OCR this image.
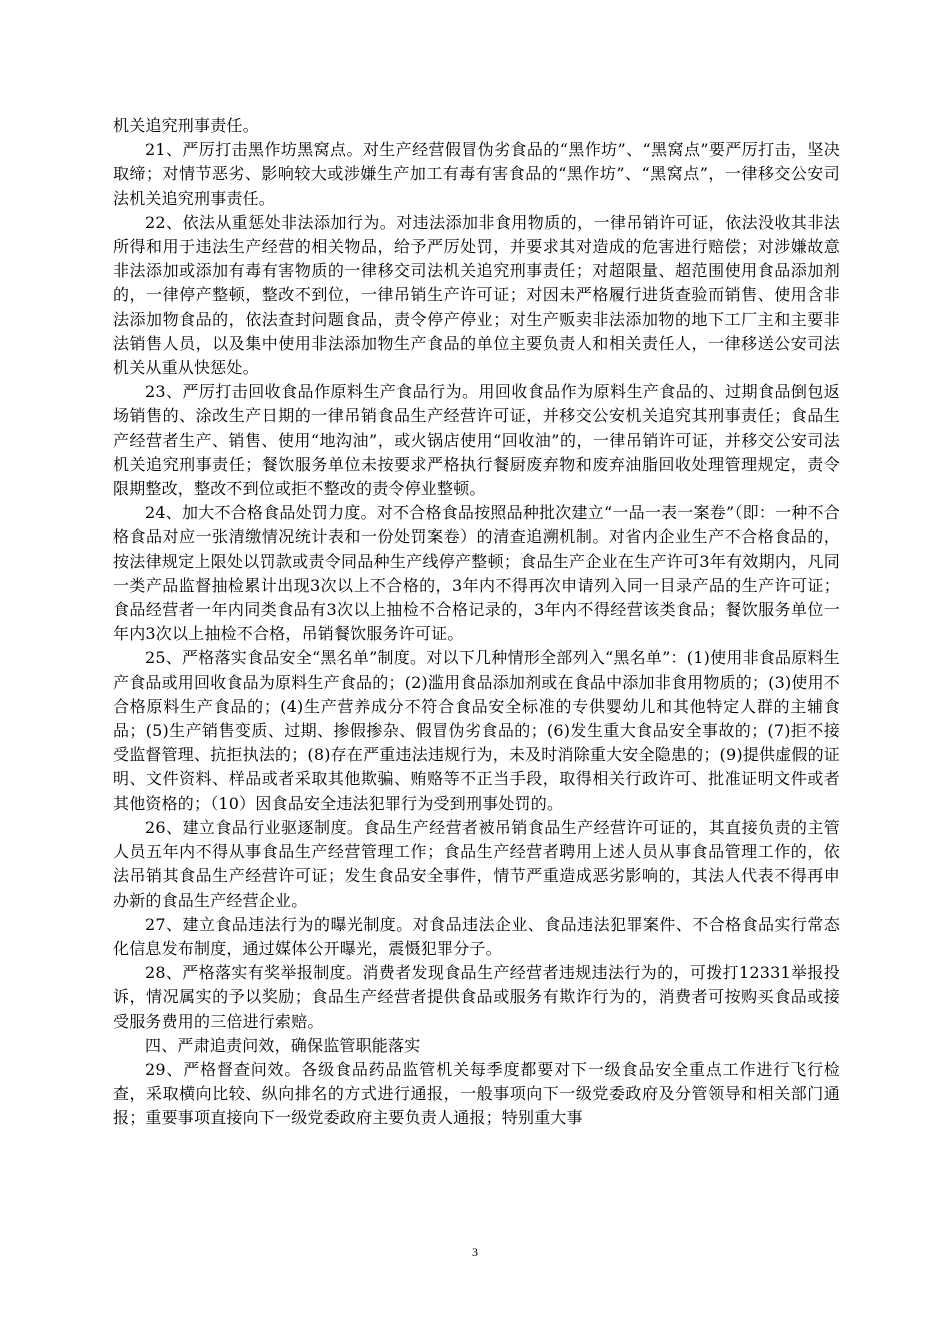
机关追究刑事责任。

21、严厉打击黑作坊黑窝点。对生产经营假冒伪劣食品的“黑作坊”、“黑窝点”要严厉打击，坚决取缔；对情节恶劣、影响较大或涉嫌生产加工有毒有害食品的“黑作坊”、“黑窝点”，一律移交公安司法机关追究刑事责任。

22、依法从重惩处非法添加行为。对违法添加非食用物质的，一律吊销许可证，依法没收其非法所得和用于违法生产经营的相关物品，给予严厉处罚，并要求其对造成的危害进行赔偿；对涉嫌故意非法添加或添加有毒有害物质的一律移交司法机关追究刑事责任；对超限量、超范围使用食品添加剂的，一律停产整顿，整改不到位，一律吊销生产许可证；对因未严格履行进货查验而销售、使用含非法添加物食品的，依法查封问题食品，责令停产停业；对生产贩卖非法添加物的地下工厂主和主要非法销售人员，以及集中使用非法添加物生产食品的单位主要负责人和相关责任人，一律移送公安司法机关从重从快惩处。

23、严厉打击回收食品作原料生产食品行为。用回收食品作为原料生产食品的、过期食品倒包返场销售的、涂改生产日期的一律吊销食品生产经营许可证，并移交公安机关追究其刑事责任；食品生产经营者生产、销售、使用“地沟油”，或火锅店使用“回收油”的，一律吊销许可证，并移交公安司法机关追究刑事责任；餐饮服务单位未按要求严格执行餐厨废弃物和废弃油脂回收处理管理规定，责令限期整改，整改不到位或拒不整改的责令停业整顿。

24、加大不合格食品处罚力度。对不合格食品按照品种批次建立“一品一表一案卷”（即：一种不合格食品对应一张清缴情况统计表和一份处罚案卷）的清查追溯机制。对省内企业生产不合格食品的，按法律规定上限处以罚款或责令同品种生产线停产整顿；食品生产企业在生产许可3年有效期内，凡同一类产品监督抽检累计出现3次以上不合格的，3年内不得再次申请列入同一目录产品的生产许可证；食品经营者一年内同类食品有3次以上抽检不合格记录的，3年内不得经营该类食品；餐饮服务单位一年内3次以上抽检不合格，吊销餐饮服务许可证。

25、严格落实食品安全“黑名单”制度。对以下几种情形全部列入“黑名单”：(1)使用非食品原料生产食品或用回收食品为原料生产食品的；(2)滥用食品添加剂或在食品中添加非食用物质的；(3)使用不合格原料生产食品的；(4)生产营养成分不符合食品安全标准的专供婴幼儿和其他特定人群的主辅食品；(5)生产销售变质、过期、掺假掺杂、假冒伪劣食品的；(6)发生重大食品安全事故的；(7)拒不接受监督管理、抗拒执法的；(8)存在严重违法违规行为，未及时消除重大安全隐患的；(9)提供虚假的证明、文件资料、样品或者采取其他欺骗、贿赂等不正当手段，取得相关行政许可、批准证明文件或者其他资格的；（10）因食品安全违法犯罪行为受到刑事处罚的。

26、建立食品行业驱逐制度。食品生产经营者被吊销食品生产经营许可证的，其直接负责的主管人员五年内不得从事食品生产经营管理工作；食品生产经营者聘用上述人员从事食品管理工作的，依法吊销其食品生产经营许可证；发生食品安全事件，情节严重造成恶劣影响的，其法人代表不得再申办新的食品生产经营企业。

27、建立食品违法行为的曝光制度。对食品违法企业、食品违法犯罪案件、不合格食品实行常态化信息发布制度，通过媒体公开曝光，震慑犯罪分子。

28、严格落实有奖举报制度。消费者发现食品生产经营者违规违法行为的，可拨打12331举报投诉，情况属实的予以奖励；食品生产经营者提供食品或服务有欺诈行为的，消费者可按购买食品或接受服务费用的三倍进行索赔。

四、严肃追责问效，确保监管职能落实

29、严格督查问效。各级食品药品监管机关每季度都要对下一级食品安全重点工作进行飞行检查，采取横向比较、纵向排名的方式进行通报，一般事项向下一级党委政府及分管领导和相关部门通报；重要事项直接向下一级党委政府主要负责人通报；特别重大事

3
